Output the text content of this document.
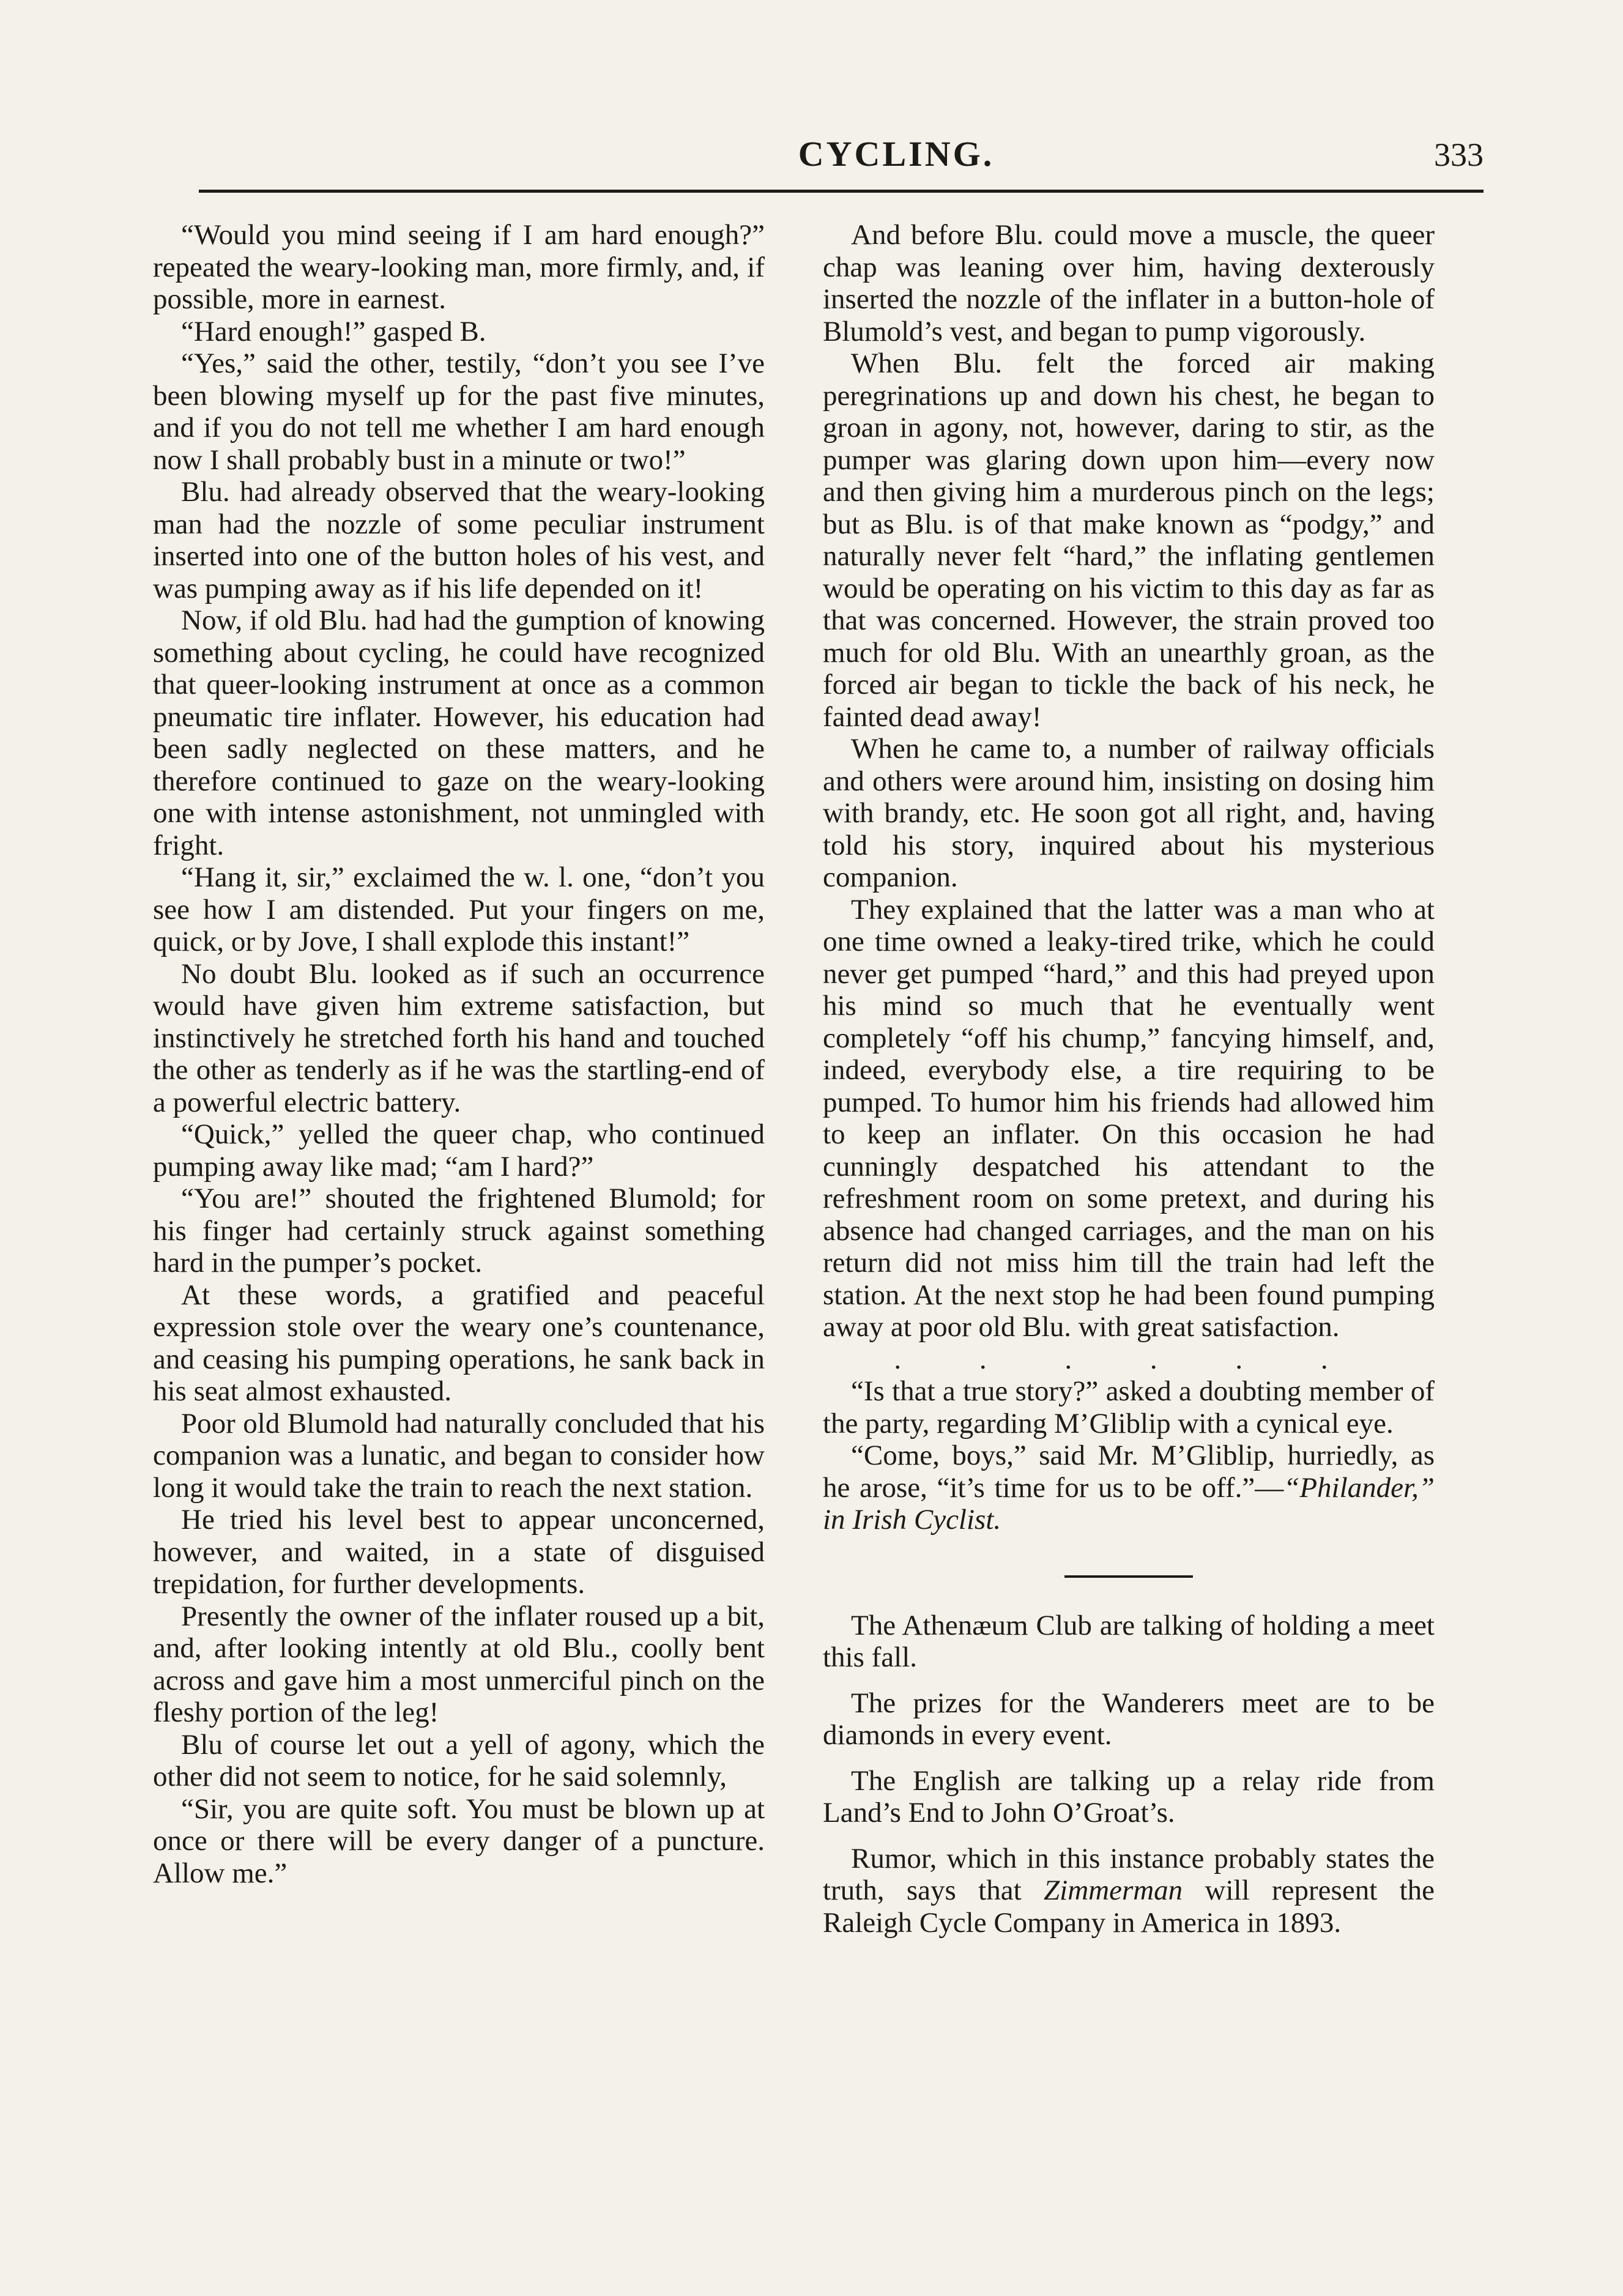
CYCLING.	333

“Would you mind seeing if I am hard enough?” repeated the weary-looking man, more firmly, and, if possible, more in earnest.

“Hard enough!” gasped B.

“Yes,” said the other, testily, “don’t you see I’ve been blowing myself up for the past five minutes, and if you do not tell me whether I am hard enough now I shall probably bust in a minute or two!”

Blu. had already observed that the weary-looking man had the nozzle of some peculiar instrument inserted into one of the button holes of his vest, and was pumping away as if his life depended on it!

Now, if old Blu. had had the gumption of knowing something about cycling, he could have recognized that queer-looking instrument at once as a common pneumatic tire inflater. However, his education had been sadly neglected on these matters, and he therefore continued to gaze on the weary-looking one with intense astonishment, not unmingled with fright.

“Hang it, sir,” exclaimed the w. l. one, “don’t you see how I am distended. Put your fingers on me, quick, or by Jove, I shall explode this instant!”

No doubt Blu. looked as if such an occurrence would have given him extreme satisfaction, but instinctively he stretched forth his hand and touched the other as tenderly as if he was the startling-end of a powerful electric battery.

“Quick,” yelled the queer chap, who continued pumping away like mad; “am I hard?”

“You are!” shouted the frightened Blumold; for his finger had certainly struck against something hard in the pumper’s pocket.

At these words, a gratified and peaceful expression stole over the weary one’s countenance, and ceasing his pumping operations, he sank back in his seat almost exhausted.

Poor old Blumold had naturally concluded that his companion was a lunatic, and began to consider how long it would take the train to reach the next station.

He tried his level best to appear unconcerned, however, and waited, in a state of disguised trepidation, for further developments.

Presently the owner of the inflater roused up a bit, and, after looking intently at old Blu., coolly bent across and gave him a most unmerciful pinch on the fleshy portion of the leg!

Blu of course let out a yell of agony, which the other did not seem to notice, for he said solemnly,

“Sir, you are quite soft. You must be blown up at once or there will be every danger of a puncture. Allow me.”

And before Blu. could move a muscle, the queer chap was leaning over him, having dexterously inserted the nozzle of the inflater in a button-hole of Blumold’s vest, and began to pump vigorously.

When Blu. felt the forced air making peregrinations up and down his chest, he began to groan in agony, not, however, daring to stir, as the pumper was glaring down upon him—every now and then giving him a murderous pinch on the legs; but as Blu. is of that make known as “podgy,” and naturally never felt “hard,” the inflating gentlemen would be operating on his victim to this day as far as that was concerned. However, the strain proved too much for old Blu. With an unearthly groan, as the forced air began to tickle the back of his neck, he fainted dead away!

When he came to, a number of railway officials and others were around him, insisting on dosing him with brandy, etc. He soon got all right, and, having told his story, inquired about his mysterious companion.

They explained that the latter was a man who at one time owned a leaky-tired trike, which he could never get pumped “hard,” and this had preyed upon his mind so much that he eventually went completely “off his chump,” fancying himself, and, indeed, everybody else, a tire requiring to be pumped. To humor him his friends had allowed him to keep an inflater. On this occasion he had cunningly despatched his attendant to the refreshment room on some pretext, and during his absence had changed carriages, and the man on his return did not miss him till the train had left the station. At the next stop he had been found pumping away at poor old Blu. with great satisfaction.

. . . . . .

“Is that a true story?” asked a doubting member of the party, regarding M’Gliblip with a cynical eye.

“Come, boys,” said Mr. M’Gliblip, hurriedly, as he arose, “it’s time for us to be off.”—“Philander,” in Irish Cyclist.

The Athenæum Club are talking of holding a meet this fall.

The prizes for the Wanderers meet are to be diamonds in every event.

The English are talking up a relay ride from Land’s End to John O’Groat’s.

Rumor, which in this instance probably states the truth, says that Zimmerman will represent the Raleigh Cycle Company in America in 1893.
